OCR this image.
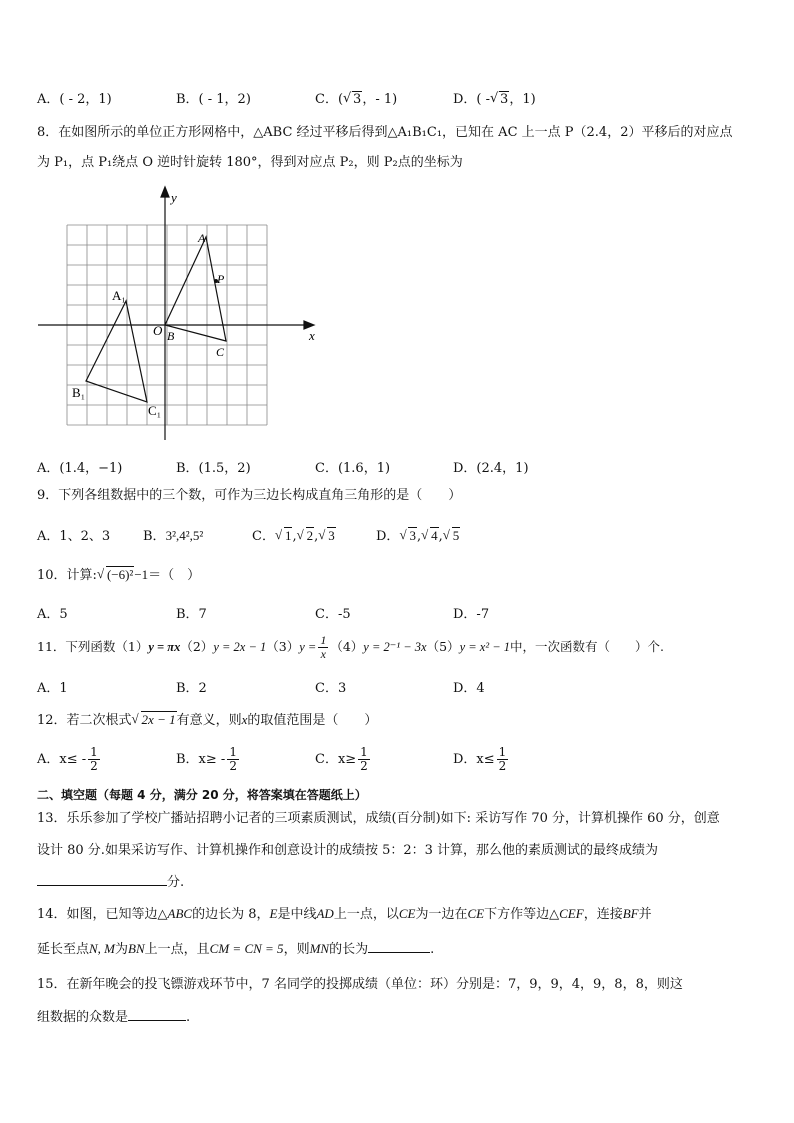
A．( - 2，1)	B．( - 1，2)	C．( √ 3，- 1)	D．( - √ 3，1)
8．在如图所示的单位正方形网格中，△ABC 经过平移后得到△A₁B₁C₁，已知在 AC 上一点 P（2.4，2）平移后的对应点
为 P₁，点 P₁绕点 O 逆时针旋转 180°，得到对应点 P₂，则 P₂点的坐标为
x
y
O
A
P
B
C
A₁
B₁
C₁
A．(1.4，−1)	B．(1.5，2)	C．(1.6，1)	D．(2.4，1)
9．下列各组数据中的三个数，可作为三边长构成直角三角形的是（　　）
A．1、2、3	B．3²,4²,5²	C． √ 1, √ 2, √ 3	D． √ 3, √ 4, √ 5
10．计算: √ (−6)²−1＝（　）
A．5	B．7	C．-5	D．-7
11．下列函数$(1)y = \pi x(2)y = 2x - 1(3)y = \frac{1}{x} (4)y = 2^{-1} - 3x(5)y = x^2 - 1$中，一次函数有（　　）个.
A．1	B．2	C．3	D．4
12．若二次根式 √ 2x − 1有意义，则x的取值范围是（　　）
A．$x\le - \frac{1}{2}$	B．$x\ge - \frac{1}{2}$	C．$x\ge \frac{1}{2}$	D．$x\le \frac{1}{2}$
二、填空题（每题 4 分，满分 20 分，将答案填在答题纸上）
13．乐乐参加了学校广播站招聘小记者的三项素质测试，成绩(百分制)如下: 采访写作 70 分，计算机操作 60 分，创意
设计 80 分.如果采访写作、计算机操作和创意设计的成绩按 5：2：3 计算，那么他的素质测试的最终成绩为
分.
14．如图，已知等边△ABC的边长为 8，E是中线AD上一点，以CE为一边在CE下方作等边△CEF，连接BF并
延长至点N, M为BN上一点，且CM = CN = 5，则MN的长为	.
15．在新年晚会的投飞镖游戏环节中，7 名同学的投掷成绩（单位：环）分别是：7，9，9，4，9，8，8，则这
组数据的众数是	.
